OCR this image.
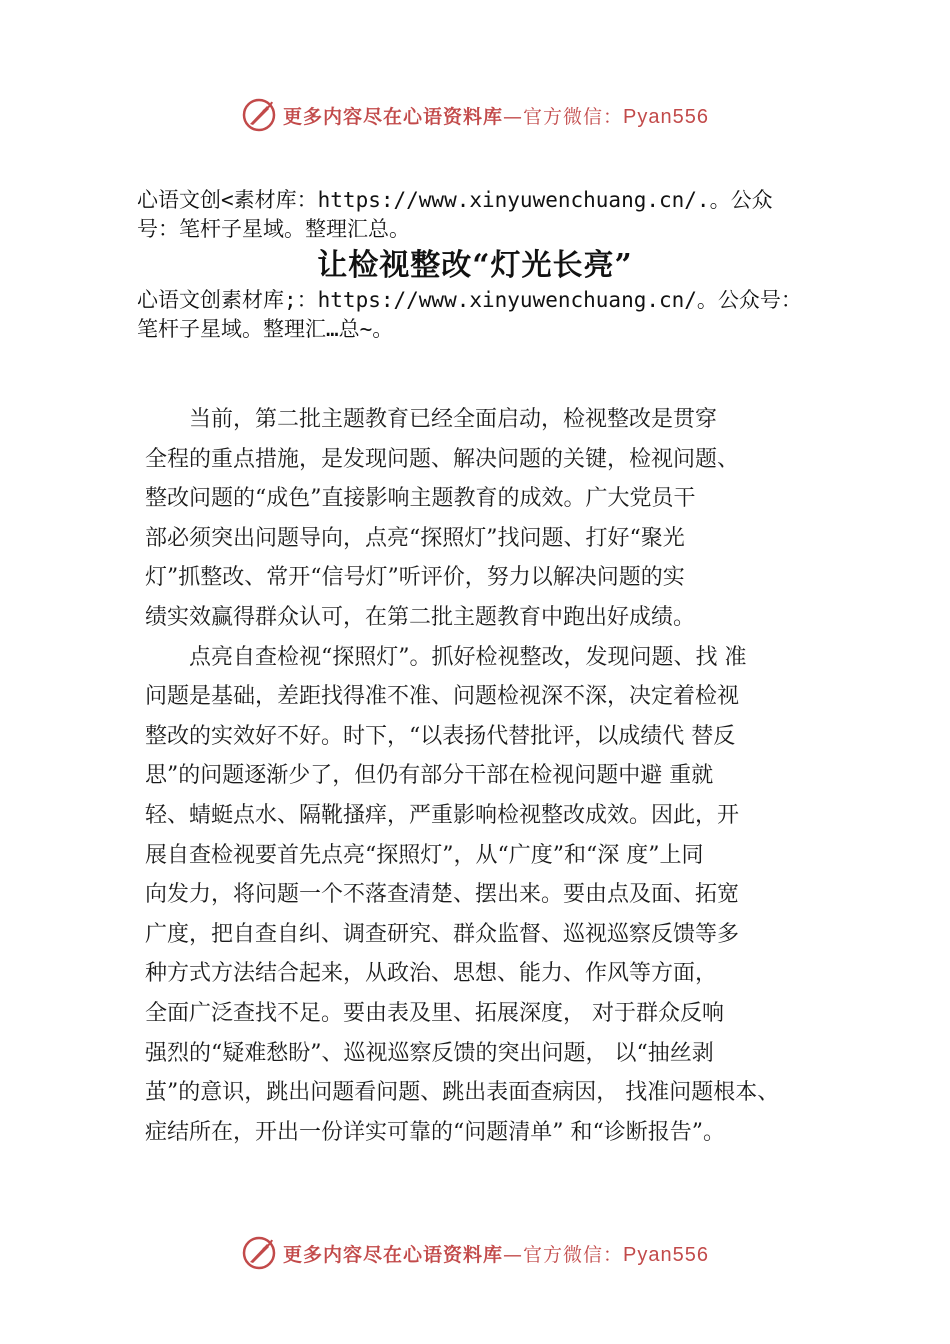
更多内容尽在心语资料库—官方微信：Pyan556
心语文创<素材库：https://www.xinyuwenchuang.cn/.。公众
号：笔杆子星域。整理汇总。
让检视整改“灯光长亮”
心语文创素材库;：https://www.xinyuwenchuang.cn/。公众号：
笔杆子星域。整理汇…总~。
当前，第二批主题教育已经全面启动，检视整改是贯穿
全程的重点措施，是发现问题、解决问题的关键，检视问题、
整改问题的“成色”直接影响主题教育的成效。广大党员干
部必须突出问题导向，点亮“探照灯”找问题、打好“聚光
灯”抓整改、常开“信号灯”听评价，努力以解决问题的实
绩实效赢得群众认可，在第二批主题教育中跑出好成绩。
点亮自查检视“探照灯”。抓好检视整改，发现问题、找 准
问题是基础，差距找得准不准、问题检视深不深，决定着检视
整改的实效好不好。时下，“以表扬代替批评，以成绩代 替反
思”的问题逐渐少了，但仍有部分干部在检视问题中避 重就
轻、蜻蜓点水、隔靴搔痒，严重影响检视整改成效。因此，开
展自查检视要首先点亮“探照灯”，从“广度”和“深 度”上同
向发力，将问题一个不落查清楚、摆出来。要由点及面、拓宽
广度，把自查自纠、调查研究、群众监督、巡视巡察反馈等多
种方式方法结合起来，从政治、思想、能力、作风等方面，
全面广泛查找不足。要由表及里、拓展深度， 对于群众反响
强烈的“疑难愁盼”、巡视巡察反馈的突出问题， 以“抽丝剥
茧”的意识，跳出问题看问题、跳出表面查病因， 找准问题根本、
症结所在，开出一份详实可靠的“问题清单” 和“诊断报告”。
更多内容尽在心语资料库—官方微信：Pyan556
